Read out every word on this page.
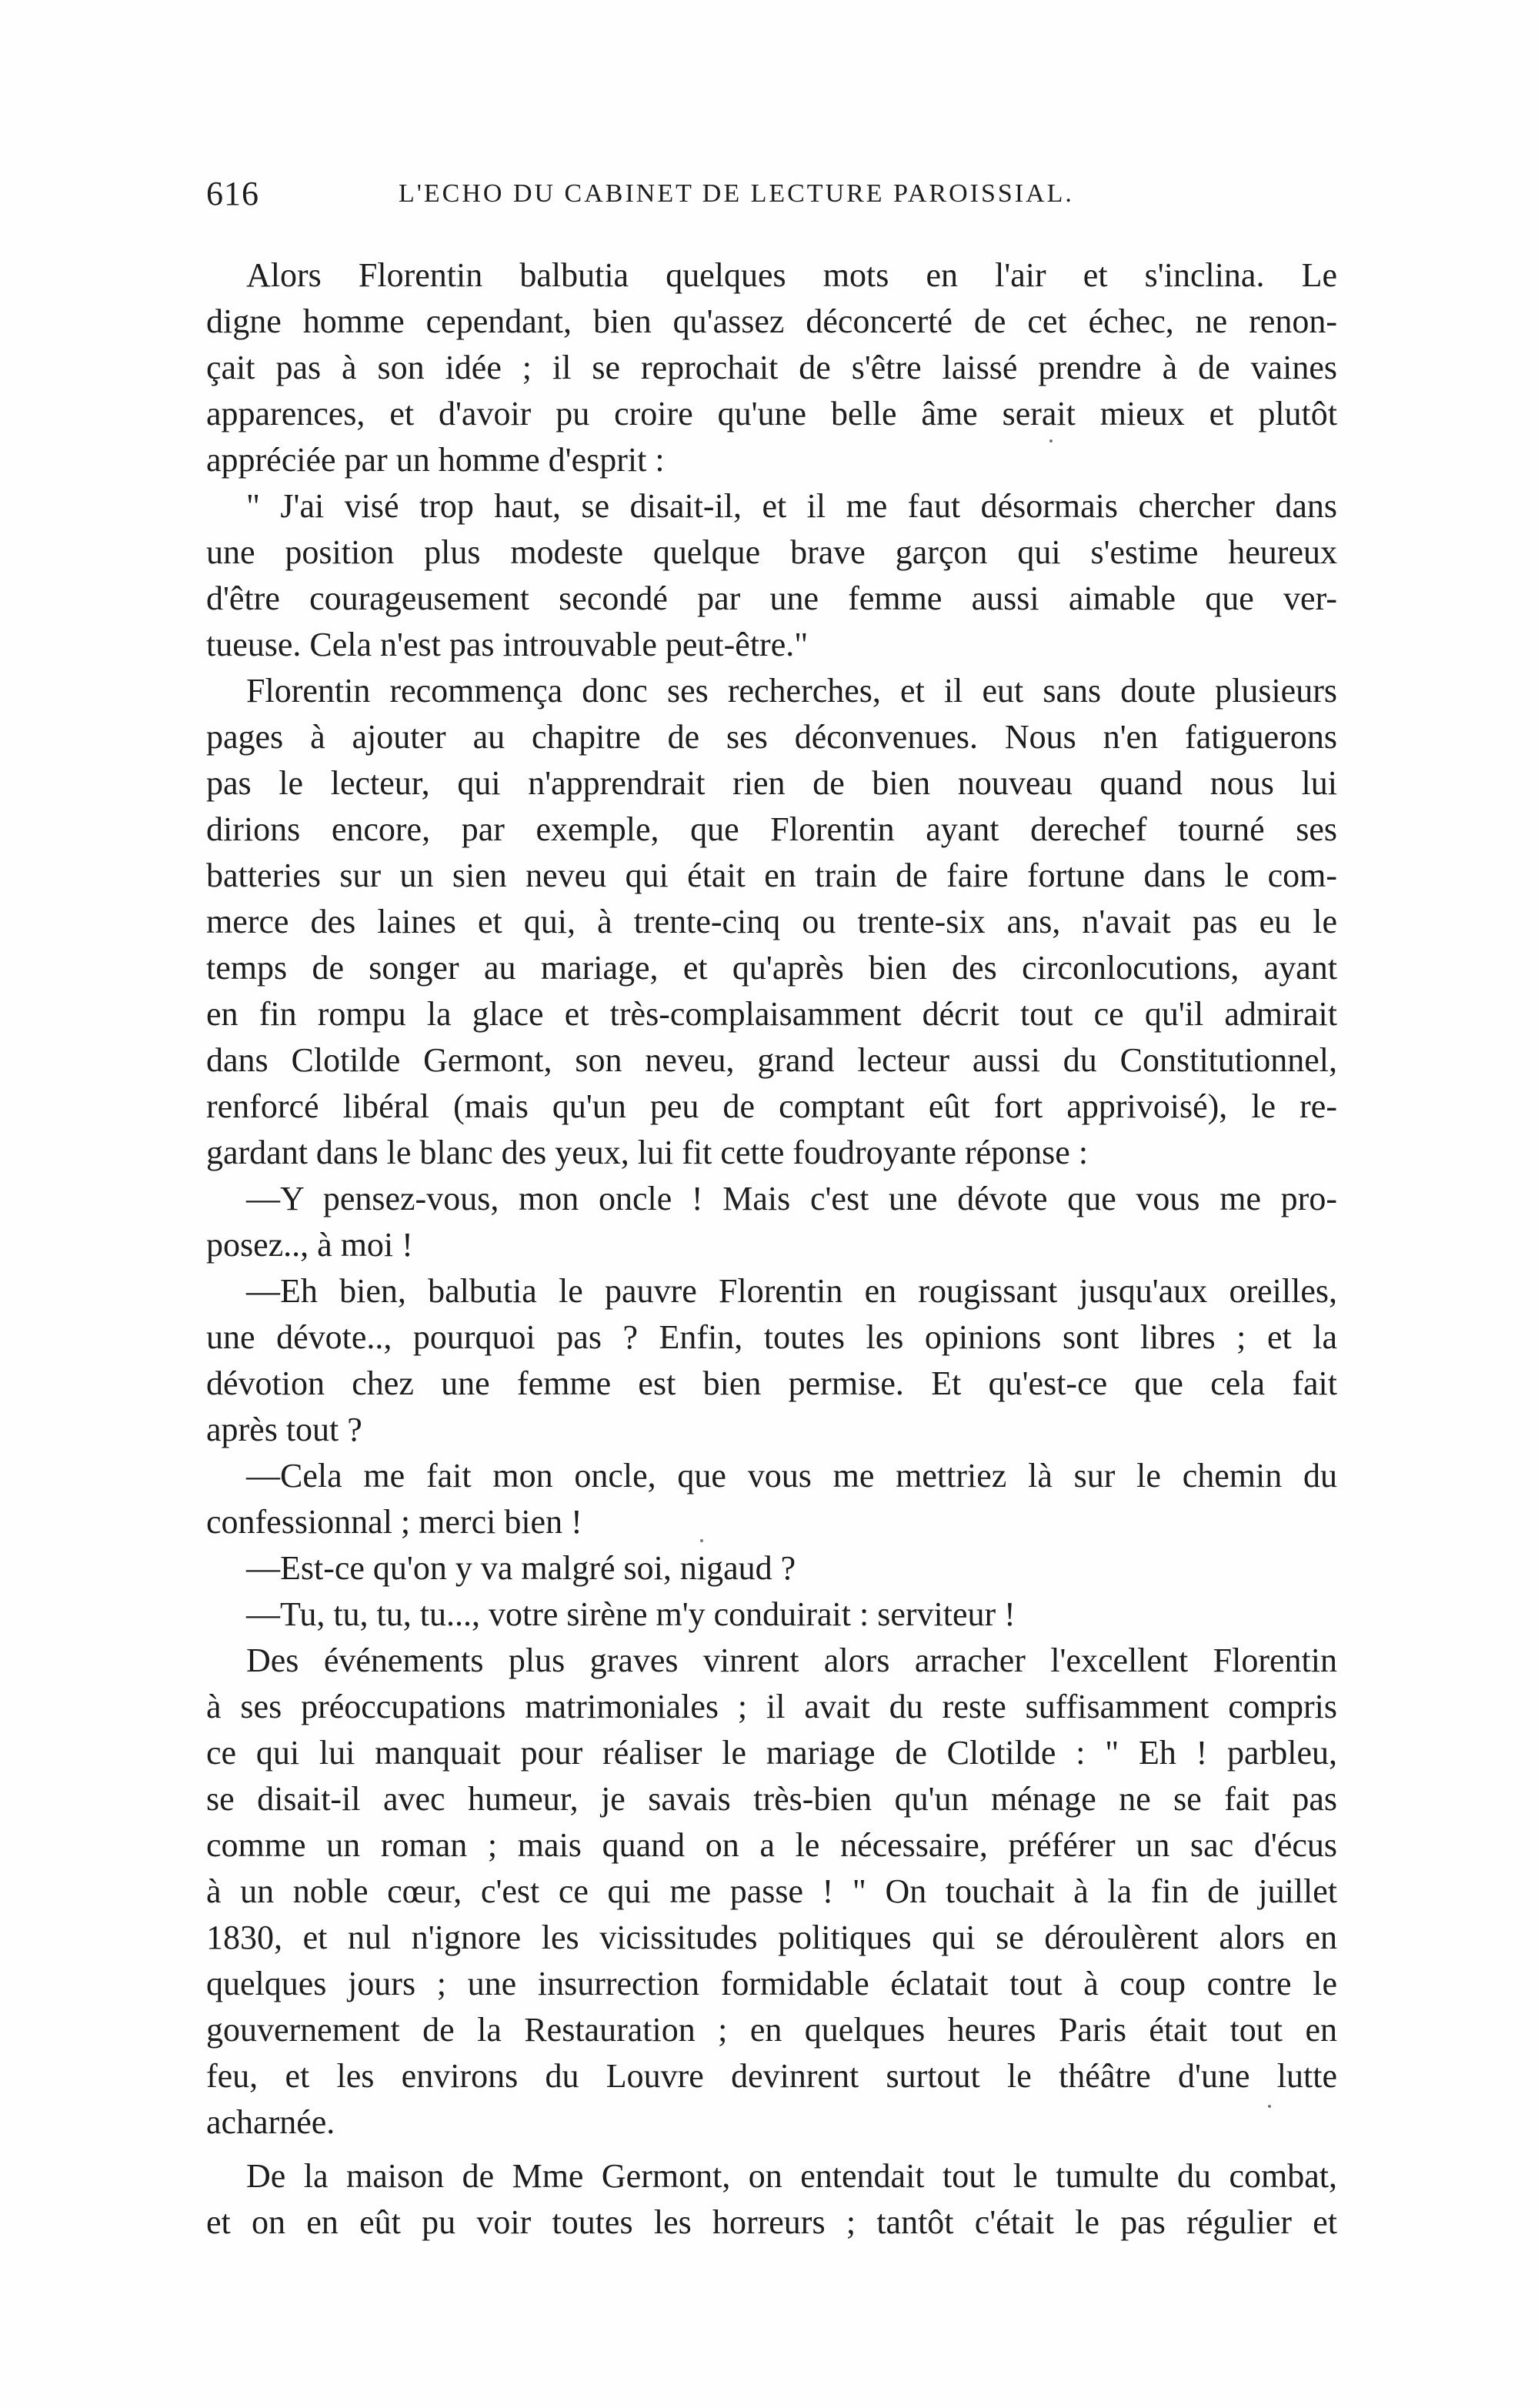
616	L'ECHO DU CABINET DE LECTURE PAROISSIAL.
Alors Florentin balbutia quelques mots en l'air et s'inclina. Le
digne homme cependant, bien qu'assez déconcerté de cet échec, ne renon-
çait pas à son idée ; il se reprochait de s'être laissé prendre à de vaines
apparences, et d'avoir pu croire qu'une belle âme serait mieux et plutôt
appréciée par un homme d'esprit :
" J'ai visé trop haut, se disait-il, et il me faut désormais chercher dans
une position plus modeste quelque brave garçon qui s'estime heureux
d'être courageusement secondé par une femme aussi aimable que ver-
tueuse. Cela n'est pas introuvable peut-être."
Florentin recommença donc ses recherches, et il eut sans doute plusieurs
pages à ajouter au chapitre de ses déconvenues. Nous n'en fatiguerons
pas le lecteur, qui n'apprendrait rien de bien nouveau quand nous lui
dirions encore, par exemple, que Florentin ayant derechef tourné ses
batteries sur un sien neveu qui était en train de faire fortune dans le com-
merce des laines et qui, à trente-cinq ou trente-six ans, n'avait pas eu le
temps de songer au mariage, et qu'après bien des circonlocutions, ayant
en fin rompu la glace et très-complaisamment décrit tout ce qu'il admirait
dans Clotilde Germont, son neveu, grand lecteur aussi du Constitutionnel,
renforcé libéral (mais qu'un peu de comptant eût fort apprivoisé), le re-
gardant dans le blanc des yeux, lui fit cette foudroyante réponse :
—Y pensez-vous, mon oncle ! Mais c'est une dévote que vous me pro-
posez.., à moi !
—Eh bien, balbutia le pauvre Florentin en rougissant jusqu'aux oreilles,
une dévote.., pourquoi pas ? Enfin, toutes les opinions sont libres ; et la
dévotion chez une femme est bien permise. Et qu'est-ce que cela fait
après tout ?
—Cela me fait mon oncle, que vous me mettriez là sur le chemin du
confessionnal ; merci bien !
—Est-ce qu'on y va malgré soi, nigaud ?
—Tu, tu, tu, tu..., votre sirène m'y conduirait : serviteur !
Des événements plus graves vinrent alors arracher l'excellent Florentin
à ses préoccupations matrimoniales ; il avait du reste suffisamment compris
ce qui lui manquait pour réaliser le mariage de Clotilde : " Eh ! parbleu,
se disait-il avec humeur, je savais très-bien qu'un ménage ne se fait pas
comme un roman ; mais quand on a le nécessaire, préférer un sac d'écus
à un noble cœur, c'est ce qui me passe ! " On touchait à la fin de juillet
1830, et nul n'ignore les vicissitudes politiques qui se déroulèrent alors en
quelques jours ; une insurrection formidable éclatait tout à coup contre le
gouvernement de la Restauration ; en quelques heures Paris était tout en
feu, et les environs du Louvre devinrent surtout le théâtre d'une lutte
acharnée.
De la maison de Mme Germont, on entendait tout le tumulte du combat,
et on en eût pu voir toutes les horreurs ; tantôt c'était le pas régulier et
